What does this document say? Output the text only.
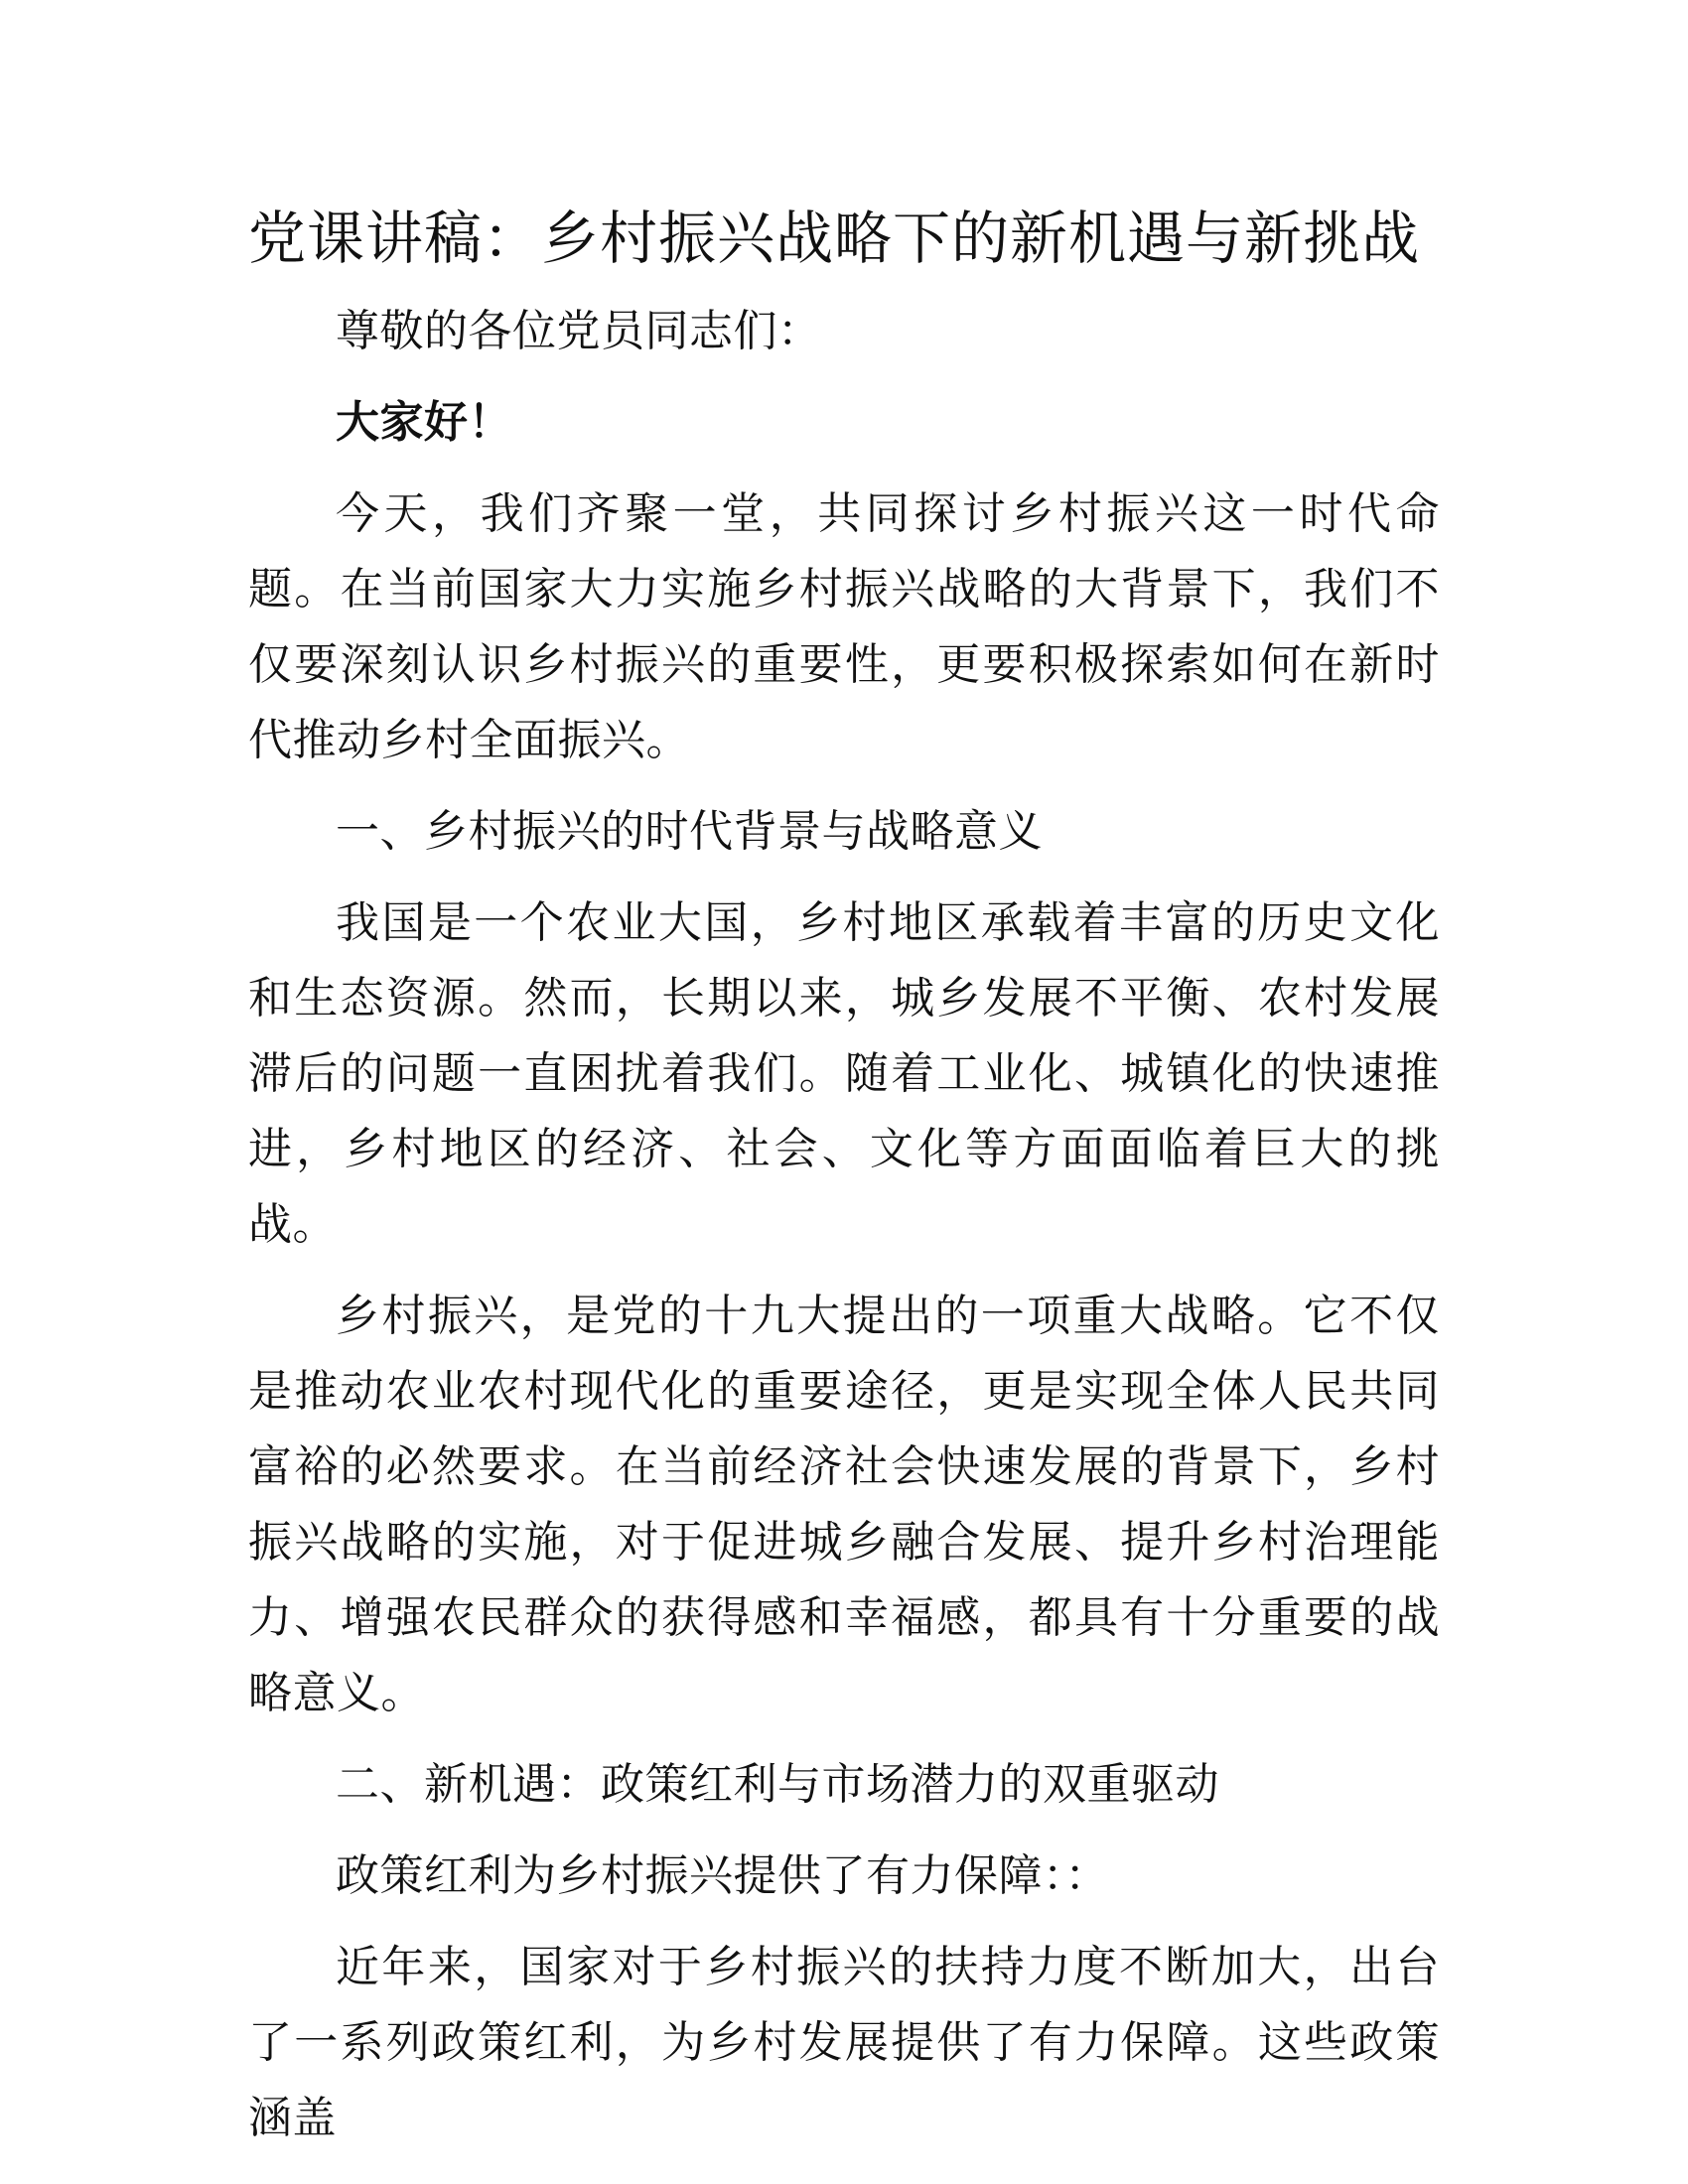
党课讲稿：乡村振兴战略下的新机遇与新挑战

尊敬的各位党员同志们：

大家好！

今天，我们齐聚一堂，共同探讨乡村振兴这一时代命题。在当前国家大力实施乡村振兴战略的大背景下，我们不仅要深刻认识乡村振兴的重要性，更要积极探索如何在新时代推动乡村全面振兴。

一、乡村振兴的时代背景与战略意义

我国是一个农业大国，乡村地区承载着丰富的历史文化和生态资源。然而，长期以来，城乡发展不平衡、农村发展滞后的问题一直困扰着我们。随着工业化、城镇化的快速推进，乡村地区的经济、社会、文化等方面面临着巨大的挑战。

乡村振兴，是党的十九大提出的一项重大战略。它不仅是推动农业农村现代化的重要途径，更是实现全体人民共同富裕的必然要求。在当前经济社会快速发展的背景下，乡村振兴战略的实施，对于促进城乡融合发展、提升乡村治理能力、增强农民群众的获得感和幸福感，都具有十分重要的战略意义。

二、新机遇：政策红利与市场潜力的双重驱动

政策红利为乡村振兴提供了有力保障：：

近年来，国家对于乡村振兴的扶持力度不断加大，出台了一系列政策红利，为乡村发展提供了有力保障。这些政策涵盖
